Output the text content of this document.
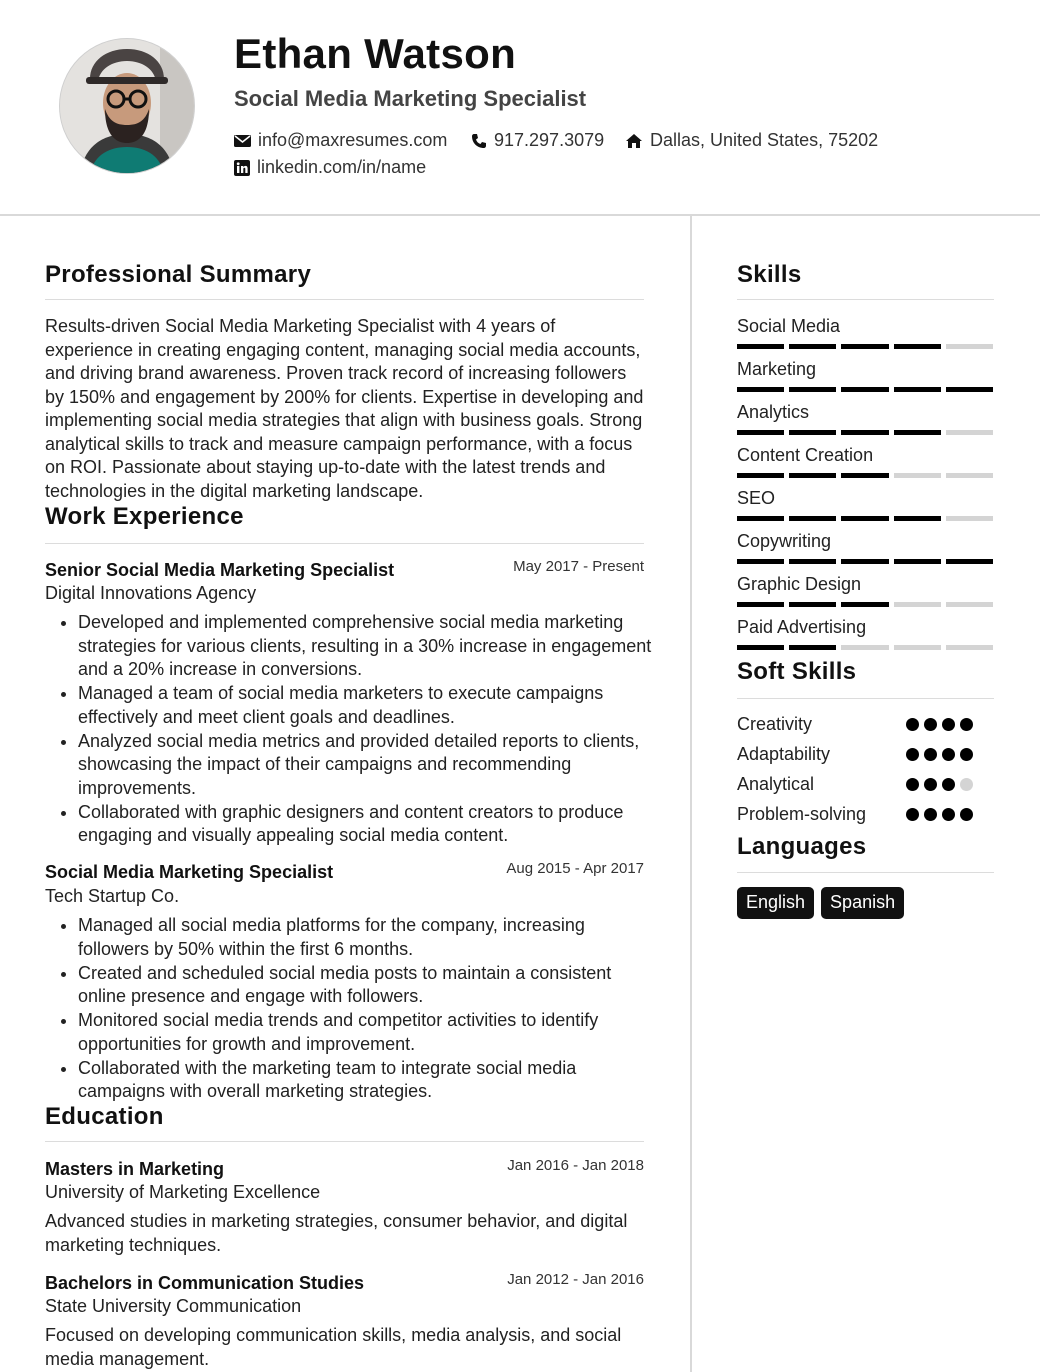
Ethan Watson
Social Media Marketing Specialist
info@maxresumes.com	917.297.3079	Dallas, United States, 75202
linkedin.com/in/name
Professional Summary

Results-driven Social Media Marketing Specialist with 4 years of experience in creating engaging content, managing social media accounts, and driving brand awareness. Proven track record of increasing followers by 150% and engagement by 200% for clients. Expertise in developing and implementing social media strategies that align with business goals. Strong analytical skills to track and measure campaign performance, with a focus on ROI. Passionate about staying up-to-date with the latest trends and technologies in the digital marketing landscape.

Work Experience
Senior Social Media Marketing Specialist	May 2017 - Present
Digital Innovations Agency
• Developed and implemented comprehensive social media marketing strategies for various clients, resulting in a 30% increase in engagement and a 20% increase in conversions.
• Managed a team of social media marketers to execute campaigns effectively and meet client goals and deadlines.
• Analyzed social media metrics and provided detailed reports to clients, showcasing the impact of their campaigns and recommending improvements.
• Collaborated with graphic designers and content creators to produce engaging and visually appealing social media content.
Social Media Marketing Specialist	Aug 2015 - Apr 2017
Tech Startup Co.
• Managed all social media platforms for the company, increasing followers by 50% within the first 6 months.
• Created and scheduled social media posts to maintain a consistent online presence and engage with followers.
• Monitored social media trends and competitor activities to identify opportunities for growth and improvement.
• Collaborated with the marketing team to integrate social media campaigns with overall marketing strategies.
Education
Masters in Marketing	Jan 2016 - Jan 2018
University of Marketing Excellence

Advanced studies in marketing strategies, consumer behavior, and digital marketing techniques.

Bachelors in Communication Studies	Jan 2012 - Jan 2016
State University Communication

Focused on developing communication skills, media analysis, and social media management.

Skills
Social Media
Marketing
Analytics
Content Creation
SEO
Copywriting
Graphic Design
Paid Advertising
Soft Skills
Creativity
Adaptability
Analytical
Problem-solving
Languages
English	Spanish
